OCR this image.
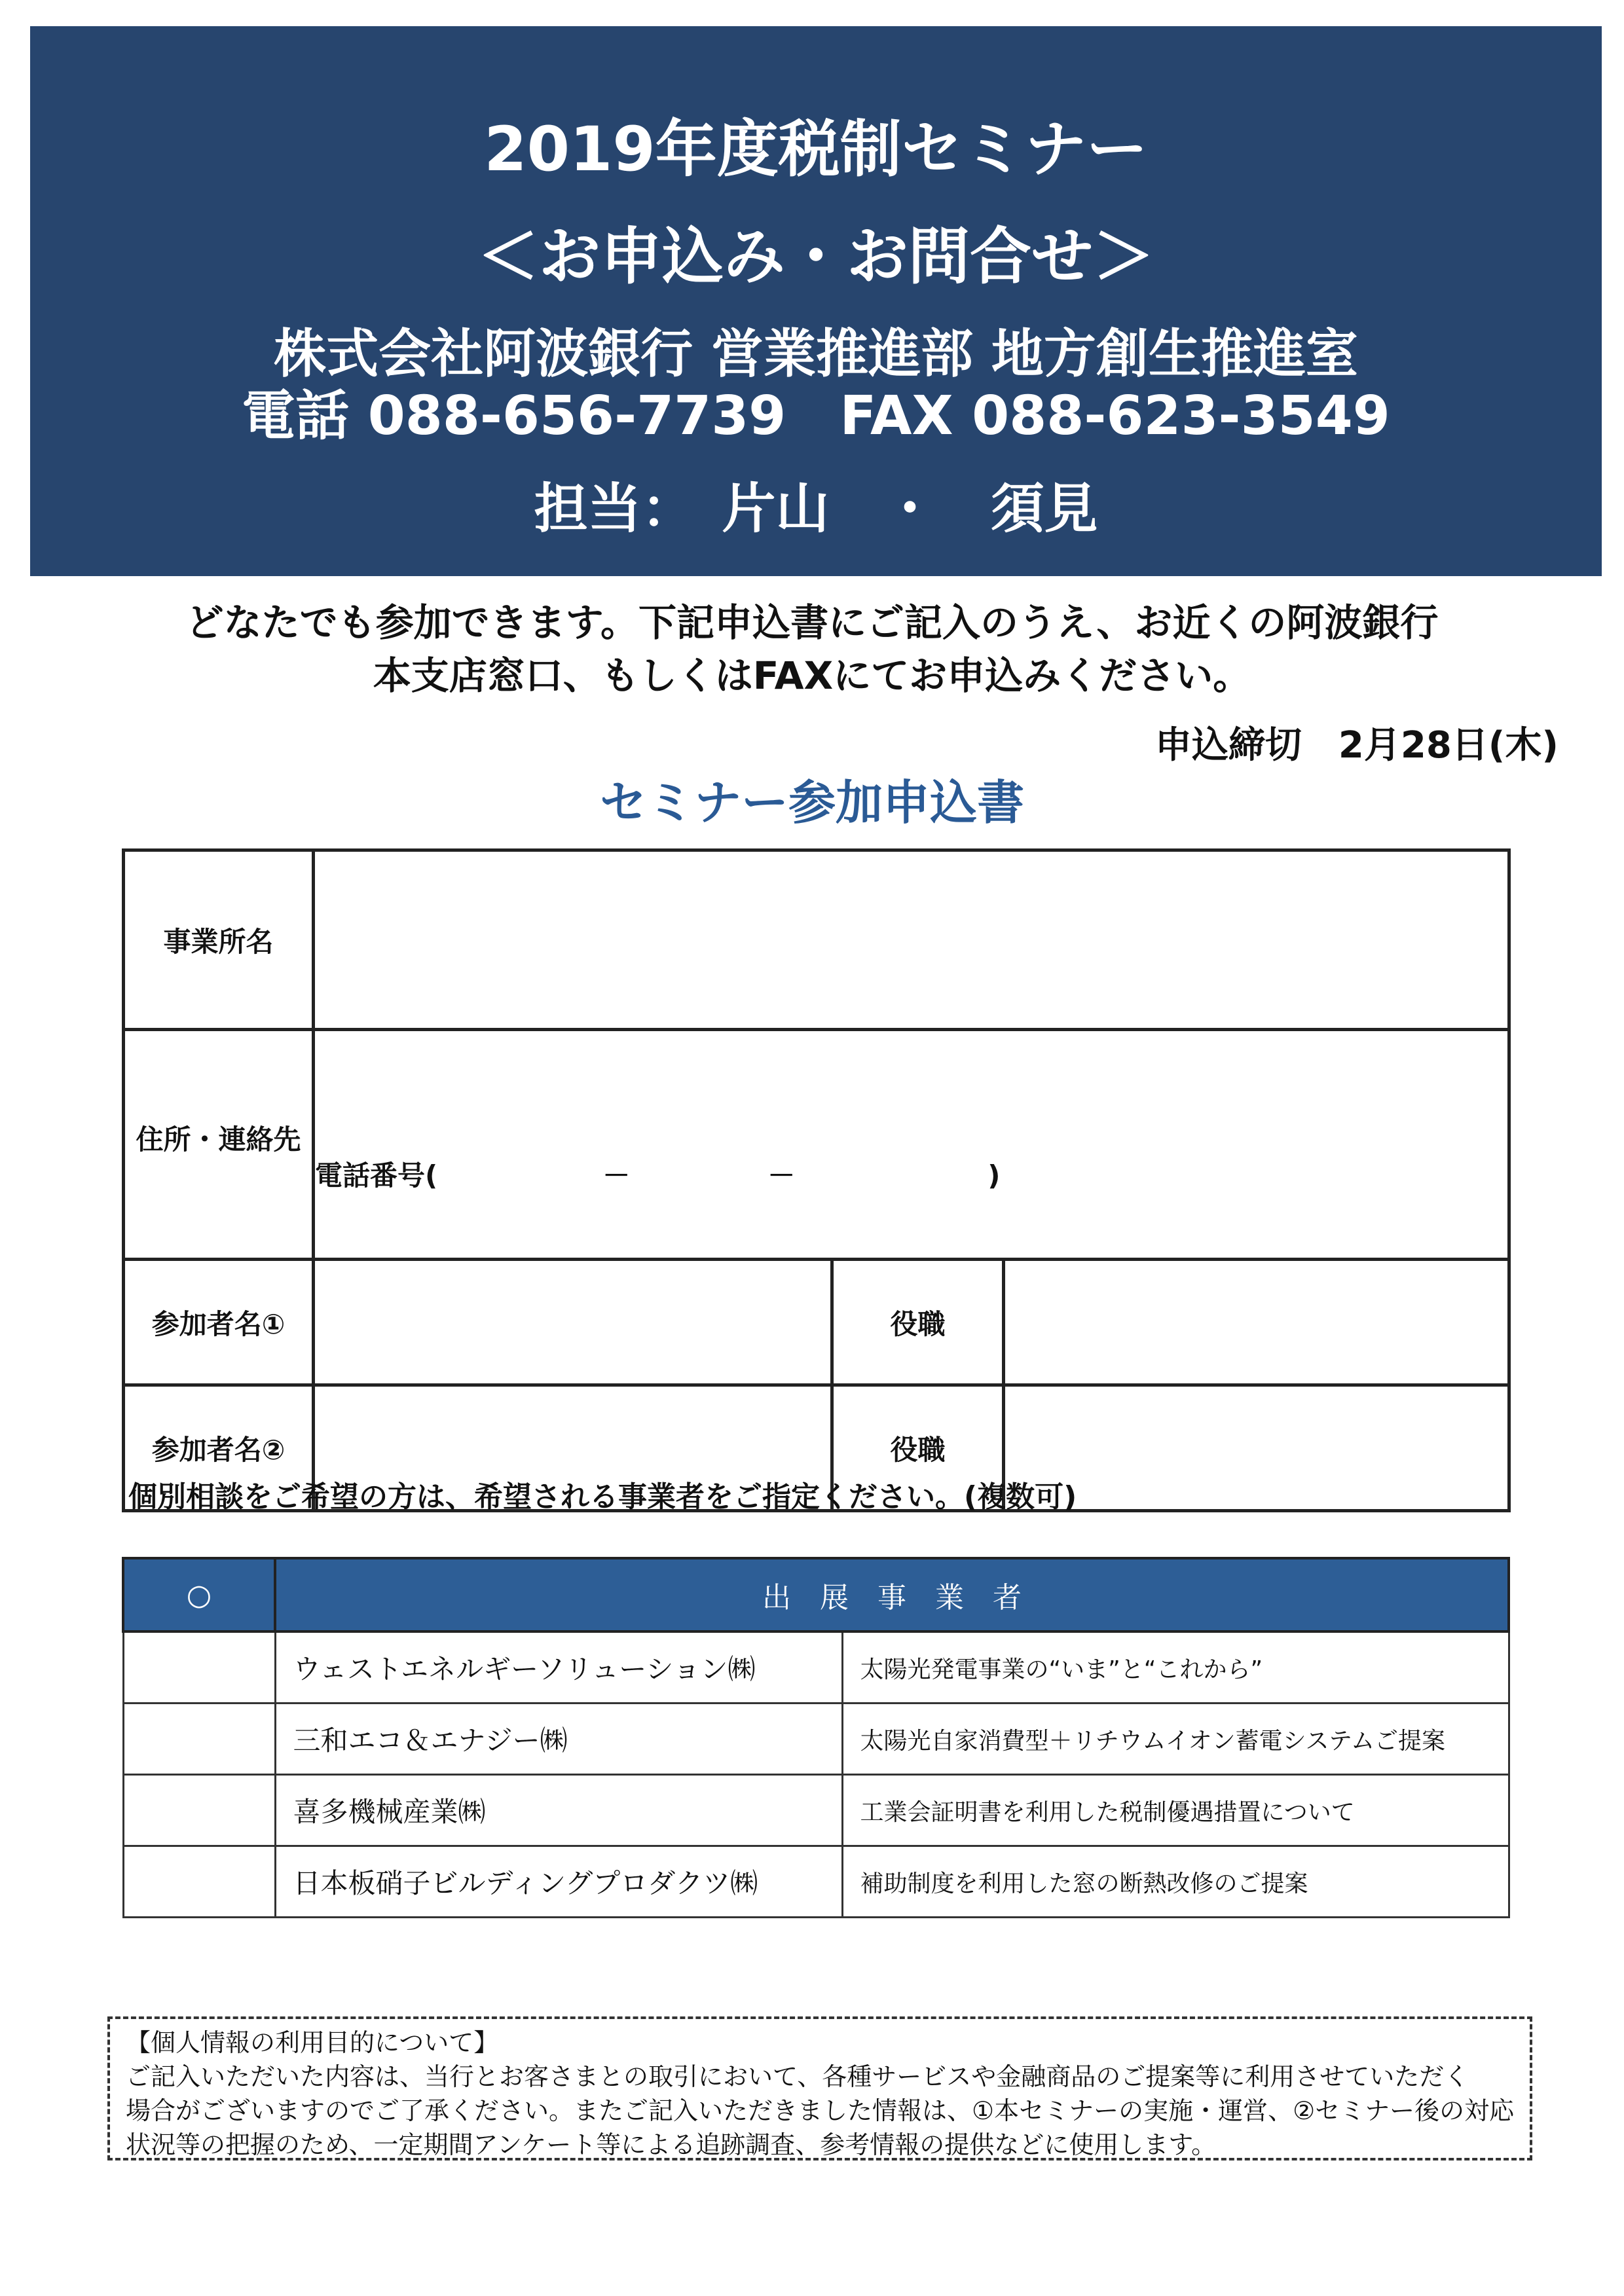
2019年度税制セミナー
＜お申込み・お問合せ＞
株式会社阿波銀行 営業推進部 地方創生推進室
電話 088-656-7739　FAX 088-623-3549
担当：　片山　・　須見
どなたでも参加できます。下記申込書にご記入のうえ、お近くの阿波銀行
本支店窓口、もしくはFAXにてお申込みください。
申込締切　2月28日(木)
セミナー参加申込書
事業所名			

住所・連絡先	電話番号(　　　　　　－　　　　　－　　　　　　　)		

参加者名①		役職	
参加者名②		役職	
個別相談をご希望の方は、希望される事業者をご指定ください。(複数可)
○	出　展　事　業　者	
	ウェストエネルギーソリューション㈱	太陽光発電事業の“いま”と“これから”
	三和エコ＆エナジー㈱	太陽光自家消費型＋リチウムイオン蓄電システムご提案
	喜多機械産業㈱	工業会証明書を利用した税制優遇措置について
	日本板硝子ビルディングプロダクツ㈱	補助制度を利用した窓の断熱改修のご提案
【個人情報の利用目的について】
ご記入いただいた内容は、当行とお客さまとの取引において、各種サービスや金融商品のご提案等に利用させていただく
場合がございますのでご了承ください。またご記入いただきました情報は、①本セミナーの実施・運営、②セミナー後の対応
状況等の把握のため、一定期間アンケート等による追跡調査、参考情報の提供などに使用します。
